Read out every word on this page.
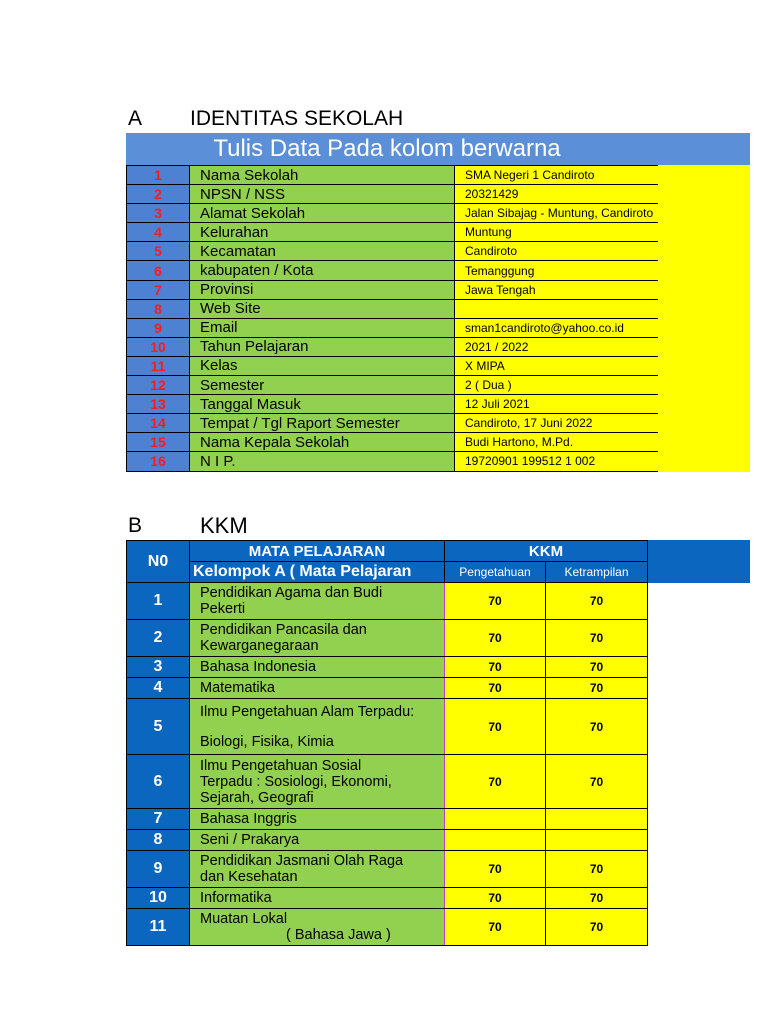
A IDENTITAS SEKOLAH
Tulis Data Pada kolom berwarna
1	Nama Sekolah	SMA Negeri 1 Candiroto
2	NPSN / NSS	20321429
3	Alamat Sekolah	Jalan Sibajag - Muntung, Candiroto
4	Kelurahan	Muntung
5	Kecamatan	Candiroto
6	kabupaten / Kota	Temanggung
7	Provinsi	Jawa Tengah
8	Web Site	
9	Email	sman1candiroto@yahoo.co.id
10	Tahun Pelajaran	2021 / 2022
11	Kelas	X MIPA
12	Semester	2 ( Dua )
13	Tanggal Masuk	12 Juli 2021
14	Tempat / Tgl Raport Semester	Candiroto, 17 Juni 2022
15	Nama Kepala Sekolah	Budi Hartono, M.Pd.
16	N I P.	19720901 199512 1 002
B	KKM
N0	MATA PELAJARAN	KKM	
	Kelompok A ( Mata Pelajaran	Pengetahuan	Ketrampilan
1	Pendidikan Agama dan Budi
Pekerti	70	70
2	Pendidikan Pancasila dan
Kewarganegaraan	70	70
3	Bahasa Indonesia	70	70
4	Matematika	70	70
5	Ilmu Pengetahuan Alam Terpadu:
Biologi, Fisika, Kimia	70	70
6	Ilmu Pengetahuan Sosial
Terpadu : Sosiologi, Ekonomi,
Sejarah, Geografi	70	70
7	Bahasa Inggris		

8	Seni / Prakarya		

9	Pendidikan Jasmani Olah Raga
dan Kesehatan	70	70
10	Informatika	70	70
11	Muatan Lokal
( Bahasa Jawa )	70	70
